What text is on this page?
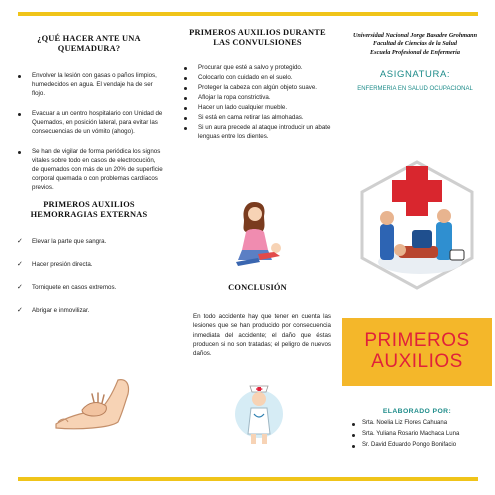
¿QUÉ HACER ANTE UNA QUEMADURA?
Envolver la lesión con gasas o paños limpios, humedecidos en agua. El vendaje ha de ser flojo.
Evacuar a un centro hospitalario con Unidad de Quemados, en posición lateral, para evitar las consecuencias de un vómito (ahogo).
Se han de vigilar de forma periódica los signos vitales sobre todo en casos de electrocución, de quemados con más de un 20% de superficie corporal quemada o con problemas cardíacos previos.
PRIMEROS AUXILIOS HEMORRAGIAS EXTERNAS
✓ Elevar la parte que sangra.
✓ Hacer presión directa.
✓ Torniquete en casos extremos.
✓ Abrigar e inmovilizar.
PRIMEROS AUXILIOS DURANTE LAS CONVULSIONES
Procurar que esté a salvo y protegido.
Colocarlo con cuidado en el suelo.
Proteger la cabeza con algún objeto suave.
Aflojar la ropa constrictiva.
Hacer un lado cualquier mueble.
Si está en cama retirar las almohadas.
Si un aura precede al ataque introducir un abate lenguas entre los dientes.
CONCLUSIÓN
En todo accidente hay que tener en cuenta las lesiones que se han producido por consecuencia inmediata del accidente; el daño que éstas producen si no son tratadas; el peligro de nuevos daños.
Universidad Nacional Jorge Basadre Grohmann
Facultad de Ciencias de la Salud
Escuela Profesional de Enfermería
ASIGNATURA:
ENFERMERIA EN SALUD OCUPACIONAL
PRIMEROS
AUXILIOS
ELABORADO POR:
Srta. Noelia Liz Flores Cahuana
Srta. Yuliana Rosario Machaca Luna
Sr. David Eduardo Pongo Bonifacio
